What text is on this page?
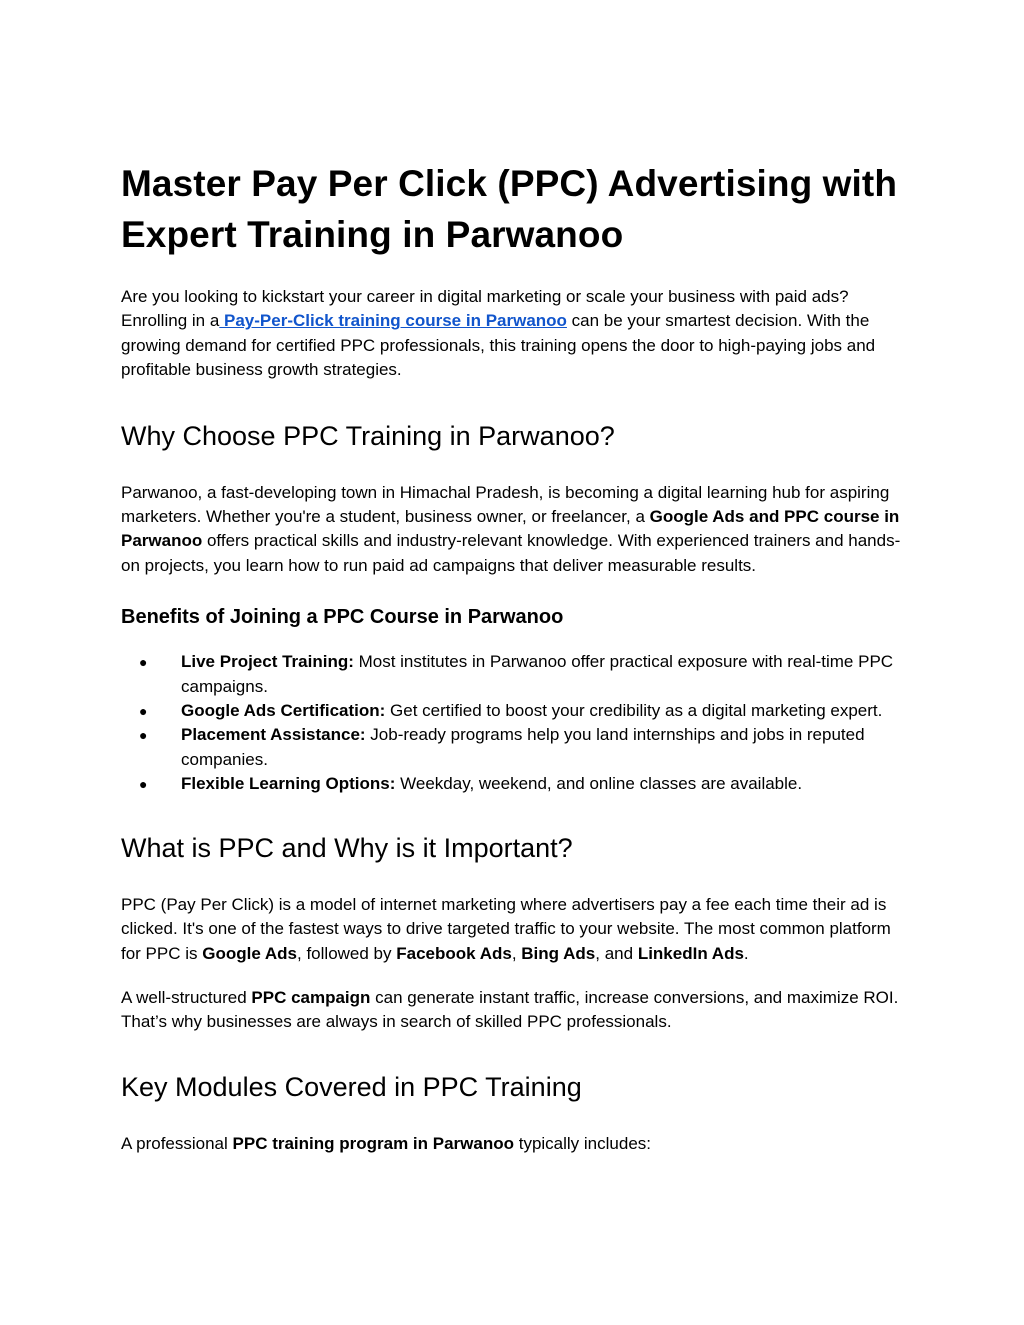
Master Pay Per Click (PPC) Advertising with Expert Training in Parwanoo

Are you looking to kickstart your career in digital marketing or scale your business with paid ads? Enrolling in a Pay-Per-Click training course in Parwanoo can be your smartest decision. With the growing demand for certified PPC professionals, this training opens the door to high-paying jobs and profitable business growth strategies.

Why Choose PPC Training in Parwanoo?

Parwanoo, a fast-developing town in Himachal Pradesh, is becoming a digital learning hub for aspiring marketers. Whether you're a student, business owner, or freelancer, a Google Ads and PPC course in Parwanoo offers practical skills and industry-relevant knowledge. With experienced trainers and hands-on projects, you learn how to run paid ad campaigns that deliver measurable results.

Benefits of Joining a PPC Course in Parwanoo
● Live Project Training: Most institutes in Parwanoo offer practical exposure with real-time PPC campaigns.
● Google Ads Certification: Get certified to boost your credibility as a digital marketing expert.
● Placement Assistance: Job-ready programs help you land internships and jobs in reputed companies.
● Flexible Learning Options: Weekday, weekend, and online classes are available.
What is PPC and Why is it Important?

PPC (Pay Per Click) is a model of internet marketing where advertisers pay a fee each time their ad is clicked. It's one of the fastest ways to drive targeted traffic to your website. The most common platform for PPC is Google Ads, followed by Facebook Ads, Bing Ads, and LinkedIn Ads.

A well-structured PPC campaign can generate instant traffic, increase conversions, and maximize ROI. That’s why businesses are always in search of skilled PPC professionals.

Key Modules Covered in PPC Training

A professional PPC training program in Parwanoo typically includes:
